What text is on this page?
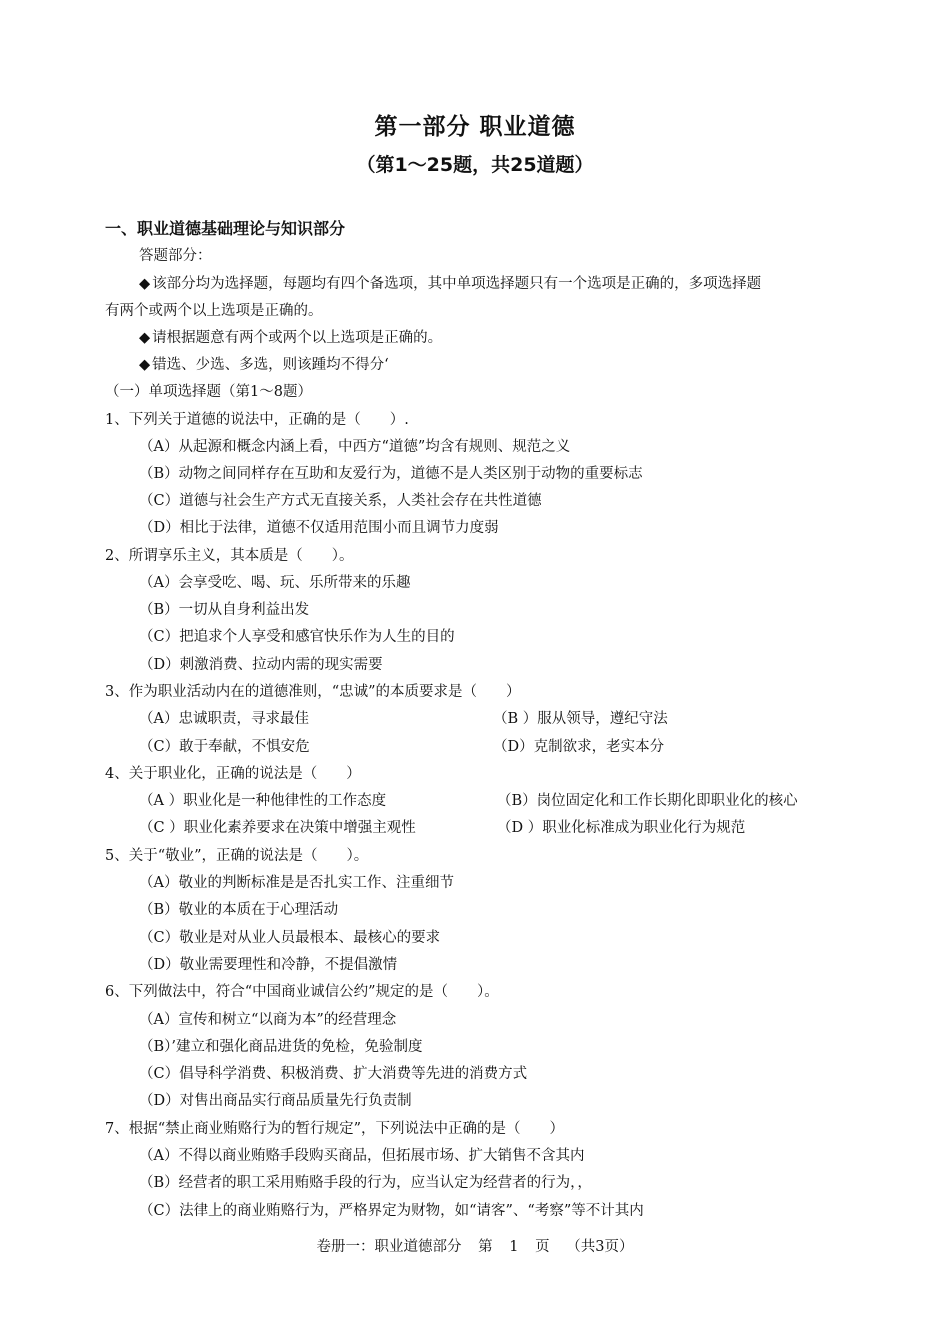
第一部分 职业道德
（第1～25题，共25道题）
一、职业道德基础理论与知识部分
答题部分：
◆ 该部分均为选择题，每题均有四个备选项，其中单项选择题只有一个选项是正确的，多项选择题
有两个或两个以上选项是正确的。
◆ 请根据题意有两个或两个以上选项是正确的。
◆ 错选、少选、多选，则该踵均不得分‘
（一）单项选择题（第1～8题）
1、下列关于道德的说法中，正确的是（　　）.
（A）从起源和概念内涵上看，中西方“道德”均含有规则、规范之义
（B）动物之间同样存在互助和友爱行为，道德不是人类区别于动物的重要标志
（C）道德与社会生产方式无直接关系，人类社会存在共性道德
（D）相比于法律，道德不仅适用范围小而且调节力度弱
2、所谓享乐主义，其本质是（　　）。
（A）会享受吃、喝、玩、乐所带来的乐趣
（B）一切从自身利益出发
（C）把追求个人享受和感官快乐作为人生的目的
（D）刺激消费、拉动内需的现实需要
3、作为职业活动内在的道德准则，“忠诚”的本质要求是（　　）
（A）忠诚职责，寻求最佳	（B ）服从领导，遵纪守法
（C）敢于奉献，不惧安危	（D）克制欲求，老实本分
4、关于职业化，正确的说法是（　　）
（A ）职业化是一种他律性的工作态度	（B）岗位固定化和工作长期化即职业化的核心
（C ）职业化素养要求在决策中增强主观性	（D ）职业化标准成为职业化行为规范
5、关于“敬业”，正确的说法是（　　）。
（A）敬业的判断标准是是否扎实工作、注重细节
（B）敬业的本质在于心理活动
（C）敬业是对从业人员最根本、最核心的要求
（D）敬业需要理性和冷静，不提倡激情
6、下列做法中，符合“中国商业诚信公约”规定的是（　　）。
（A）宣传和树立“以商为本”的经营理念
（B）’建立和强化商品进货的免检，免验制度
（C）倡导科学消费、积极消费、扩大消费等先进的消费方式
（D）对售出商品实行商品质量先行负责制
7、根据“禁止商业贿赂行为的暂行规定”，下列说法中正确的是（　　）
（A）不得以商业贿赂手段购买商品，但拓展市场、扩大销售不含其内
（B）经营者的职工采用贿赂手段的行为，应当认定为经营者的行为，，
（C）法律上的商业贿赂行为，严格界定为财物，如“请客”、“考察”等不计其内
卷册一：职业道德部分 第 1 页 （共3页）
